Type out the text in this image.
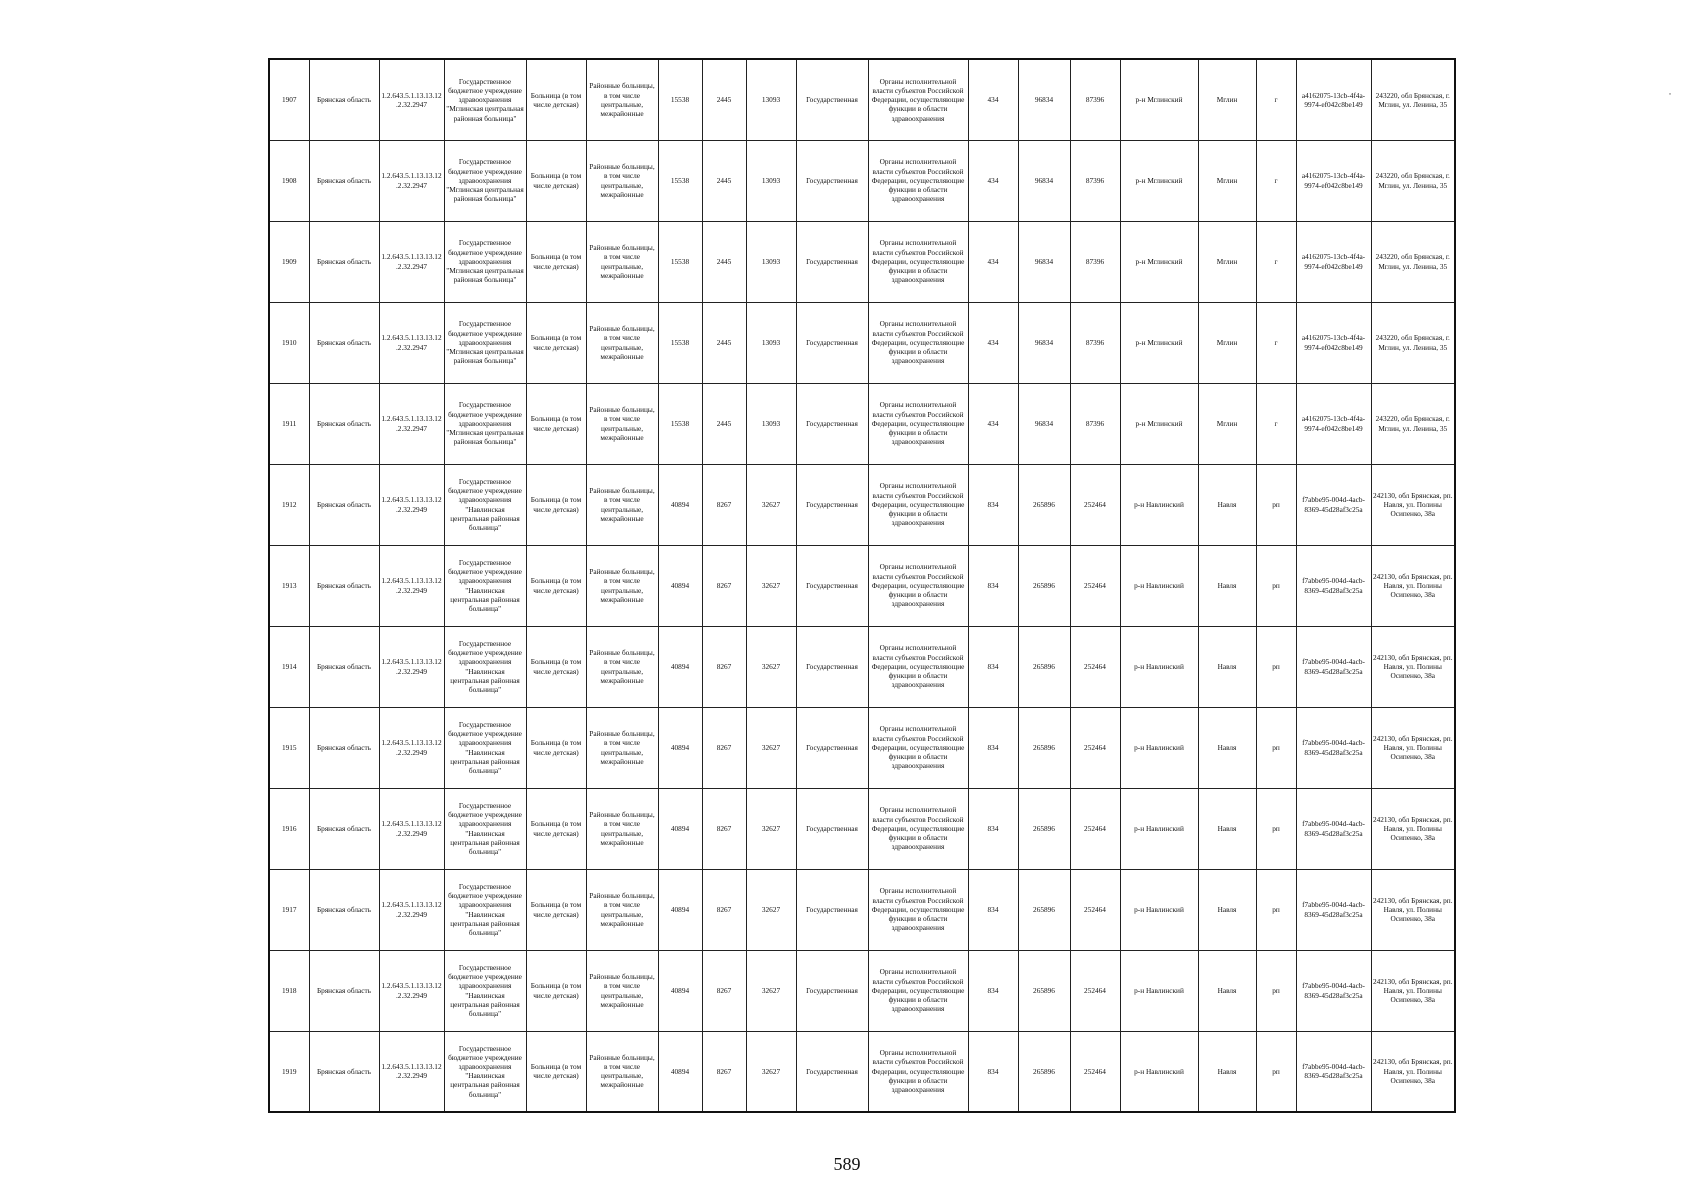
1907	Брянская область	1.2.643.5.1.13.13.12.2.32.2947	Государственное бюджетное учреждение здравоохранения "Мглинская центральная районная больница"	Больница (в том числе детская)	Районные больницы, в том числе центральные, межрайонные	15538	2445	13093	Государственная	Органы исполнительной власти субъектов Российской Федерации, осуществляющие функции в области здравоохранения	434	96834	87396	р-н Мглинский	Мглин	г	a4162075-13cb-4f4a-9974-ef042c8be149	243220, обл Брянская, г. Мглин, ул. Ленина, 35
1908	Брянская область	1.2.643.5.1.13.13.12.2.32.2947	Государственное бюджетное учреждение здравоохранения "Мглинская центральная районная больница"	Больница (в том числе детская)	Районные больницы, в том числе центральные, межрайонные	15538	2445	13093	Государственная	Органы исполнительной власти субъектов Российской Федерации, осуществляющие функции в области здравоохранения	434	96834	87396	р-н Мглинский	Мглин	г	a4162075-13cb-4f4a-9974-ef042c8be149	243220, обл Брянская, г. Мглин, ул. Ленина, 35
1909	Брянская область	1.2.643.5.1.13.13.12.2.32.2947	Государственное бюджетное учреждение здравоохранения "Мглинская центральная районная больница"	Больница (в том числе детская)	Районные больницы, в том числе центральные, межрайонные	15538	2445	13093	Государственная	Органы исполнительной власти субъектов Российской Федерации, осуществляющие функции в области здравоохранения	434	96834	87396	р-н Мглинский	Мглин	г	a4162075-13cb-4f4a-9974-ef042c8be149	243220, обл Брянская, г. Мглин, ул. Ленина, 35
1910	Брянская область	1.2.643.5.1.13.13.12.2.32.2947	Государственное бюджетное учреждение здравоохранения "Мглинская центральная районная больница"	Больница (в том числе детская)	Районные больницы, в том числе центральные, межрайонные	15538	2445	13093	Государственная	Органы исполнительной власти субъектов Российской Федерации, осуществляющие функции в области здравоохранения	434	96834	87396	р-н Мглинский	Мглин	г	a4162075-13cb-4f4a-9974-ef042c8be149	243220, обл Брянская, г. Мглин, ул. Ленина, 35
1911	Брянская область	1.2.643.5.1.13.13.12.2.32.2947	Государственное бюджетное учреждение здравоохранения "Мглинская центральная районная больница"	Больница (в том числе детская)	Районные больницы, в том числе центральные, межрайонные	15538	2445	13093	Государственная	Органы исполнительной власти субъектов Российской Федерации, осуществляющие функции в области здравоохранения	434	96834	87396	р-н Мглинский	Мглин	г	a4162075-13cb-4f4a-9974-ef042c8be149	243220, обл Брянская, г. Мглин, ул. Ленина, 35
1912	Брянская область	1.2.643.5.1.13.13.12.2.32.2949	Государственное бюджетное учреждение здравоохранения "Навлинская центральная районная больница"	Больница (в том числе детская)	Районные больницы, в том числе центральные, межрайонные	40894	8267	32627	Государственная	Органы исполнительной власти субъектов Российской Федерации, осуществляющие функции в области здравоохранения	834	265896	252464	р-н Навлинский	Навля	рп	f7abbe95-004d-4acb-8369-45d28af3c25a	242130, обл Брянская, рп. Навля, ул. Полины Осипенко, 38а
1913	Брянская область	1.2.643.5.1.13.13.12.2.32.2949	Государственное бюджетное учреждение здравоохранения "Навлинская центральная районная больница"	Больница (в том числе детская)	Районные больницы, в том числе центральные, межрайонные	40894	8267	32627	Государственная	Органы исполнительной власти субъектов Российской Федерации, осуществляющие функции в области здравоохранения	834	265896	252464	р-н Навлинский	Навля	рп	f7abbe95-004d-4acb-8369-45d28af3c25a	242130, обл Брянская, рп. Навля, ул. Полины Осипенко, 38а
1914	Брянская область	1.2.643.5.1.13.13.12.2.32.2949	Государственное бюджетное учреждение здравоохранения "Навлинская центральная районная больница"	Больница (в том числе детская)	Районные больницы, в том числе центральные, межрайонные	40894	8267	32627	Государственная	Органы исполнительной власти субъектов Российской Федерации, осуществляющие функции в области здравоохранения	834	265896	252464	р-н Навлинский	Навля	рп	f7abbe95-004d-4acb-8369-45d28af3c25a	242130, обл Брянская, рп. Навля, ул. Полины Осипенко, 38а
1915	Брянская область	1.2.643.5.1.13.13.12.2.32.2949	Государственное бюджетное учреждение здравоохранения "Навлинская центральная районная больница"	Больница (в том числе детская)	Районные больницы, в том числе центральные, межрайонные	40894	8267	32627	Государственная	Органы исполнительной власти субъектов Российской Федерации, осуществляющие функции в области здравоохранения	834	265896	252464	р-н Навлинский	Навля	рп	f7abbe95-004d-4acb-8369-45d28af3c25a	242130, обл Брянская, рп. Навля, ул. Полины Осипенко, 38а
1916	Брянская область	1.2.643.5.1.13.13.12.2.32.2949	Государственное бюджетное учреждение здравоохранения "Навлинская центральная районная больница"	Больница (в том числе детская)	Районные больницы, в том числе центральные, межрайонные	40894	8267	32627	Государственная	Органы исполнительной власти субъектов Российской Федерации, осуществляющие функции в области здравоохранения	834	265896	252464	р-н Навлинский	Навля	рп	f7abbe95-004d-4acb-8369-45d28af3c25a	242130, обл Брянская, рп. Навля, ул. Полины Осипенко, 38а
1917	Брянская область	1.2.643.5.1.13.13.12.2.32.2949	Государственное бюджетное учреждение здравоохранения "Навлинская центральная районная больница"	Больница (в том числе детская)	Районные больницы, в том числе центральные, межрайонные	40894	8267	32627	Государственная	Органы исполнительной власти субъектов Российской Федерации, осуществляющие функции в области здравоохранения	834	265896	252464	р-н Навлинский	Навля	рп	f7abbe95-004d-4acb-8369-45d28af3c25a	242130, обл Брянская, рп. Навля, ул. Полины Осипенко, 38а
1918	Брянская область	1.2.643.5.1.13.13.12.2.32.2949	Государственное бюджетное учреждение здравоохранения "Навлинская центральная районная больница"	Больница (в том числе детская)	Районные больницы, в том числе центральные, межрайонные	40894	8267	32627	Государственная	Органы исполнительной власти субъектов Российской Федерации, осуществляющие функции в области здравоохранения	834	265896	252464	р-н Навлинский	Навля	рп	f7abbe95-004d-4acb-8369-45d28af3c25a	242130, обл Брянская, рп. Навля, ул. Полины Осипенко, 38а
1919	Брянская область	1.2.643.5.1.13.13.12.2.32.2949	Государственное бюджетное учреждение здравоохранения "Навлинская центральная районная больница"	Больница (в том числе детская)	Районные больницы, в том числе центральные, межрайонные	40894	8267	32627	Государственная	Органы исполнительной власти субъектов Российской Федерации, осуществляющие функции в области здравоохранения	834	265896	252464	р-н Навлинский	Навля	рп	f7abbe95-004d-4acb-8369-45d28af3c25a	242130, обл Брянская, рп. Навля, ул. Полины Осипенко, 38а
˙
589
